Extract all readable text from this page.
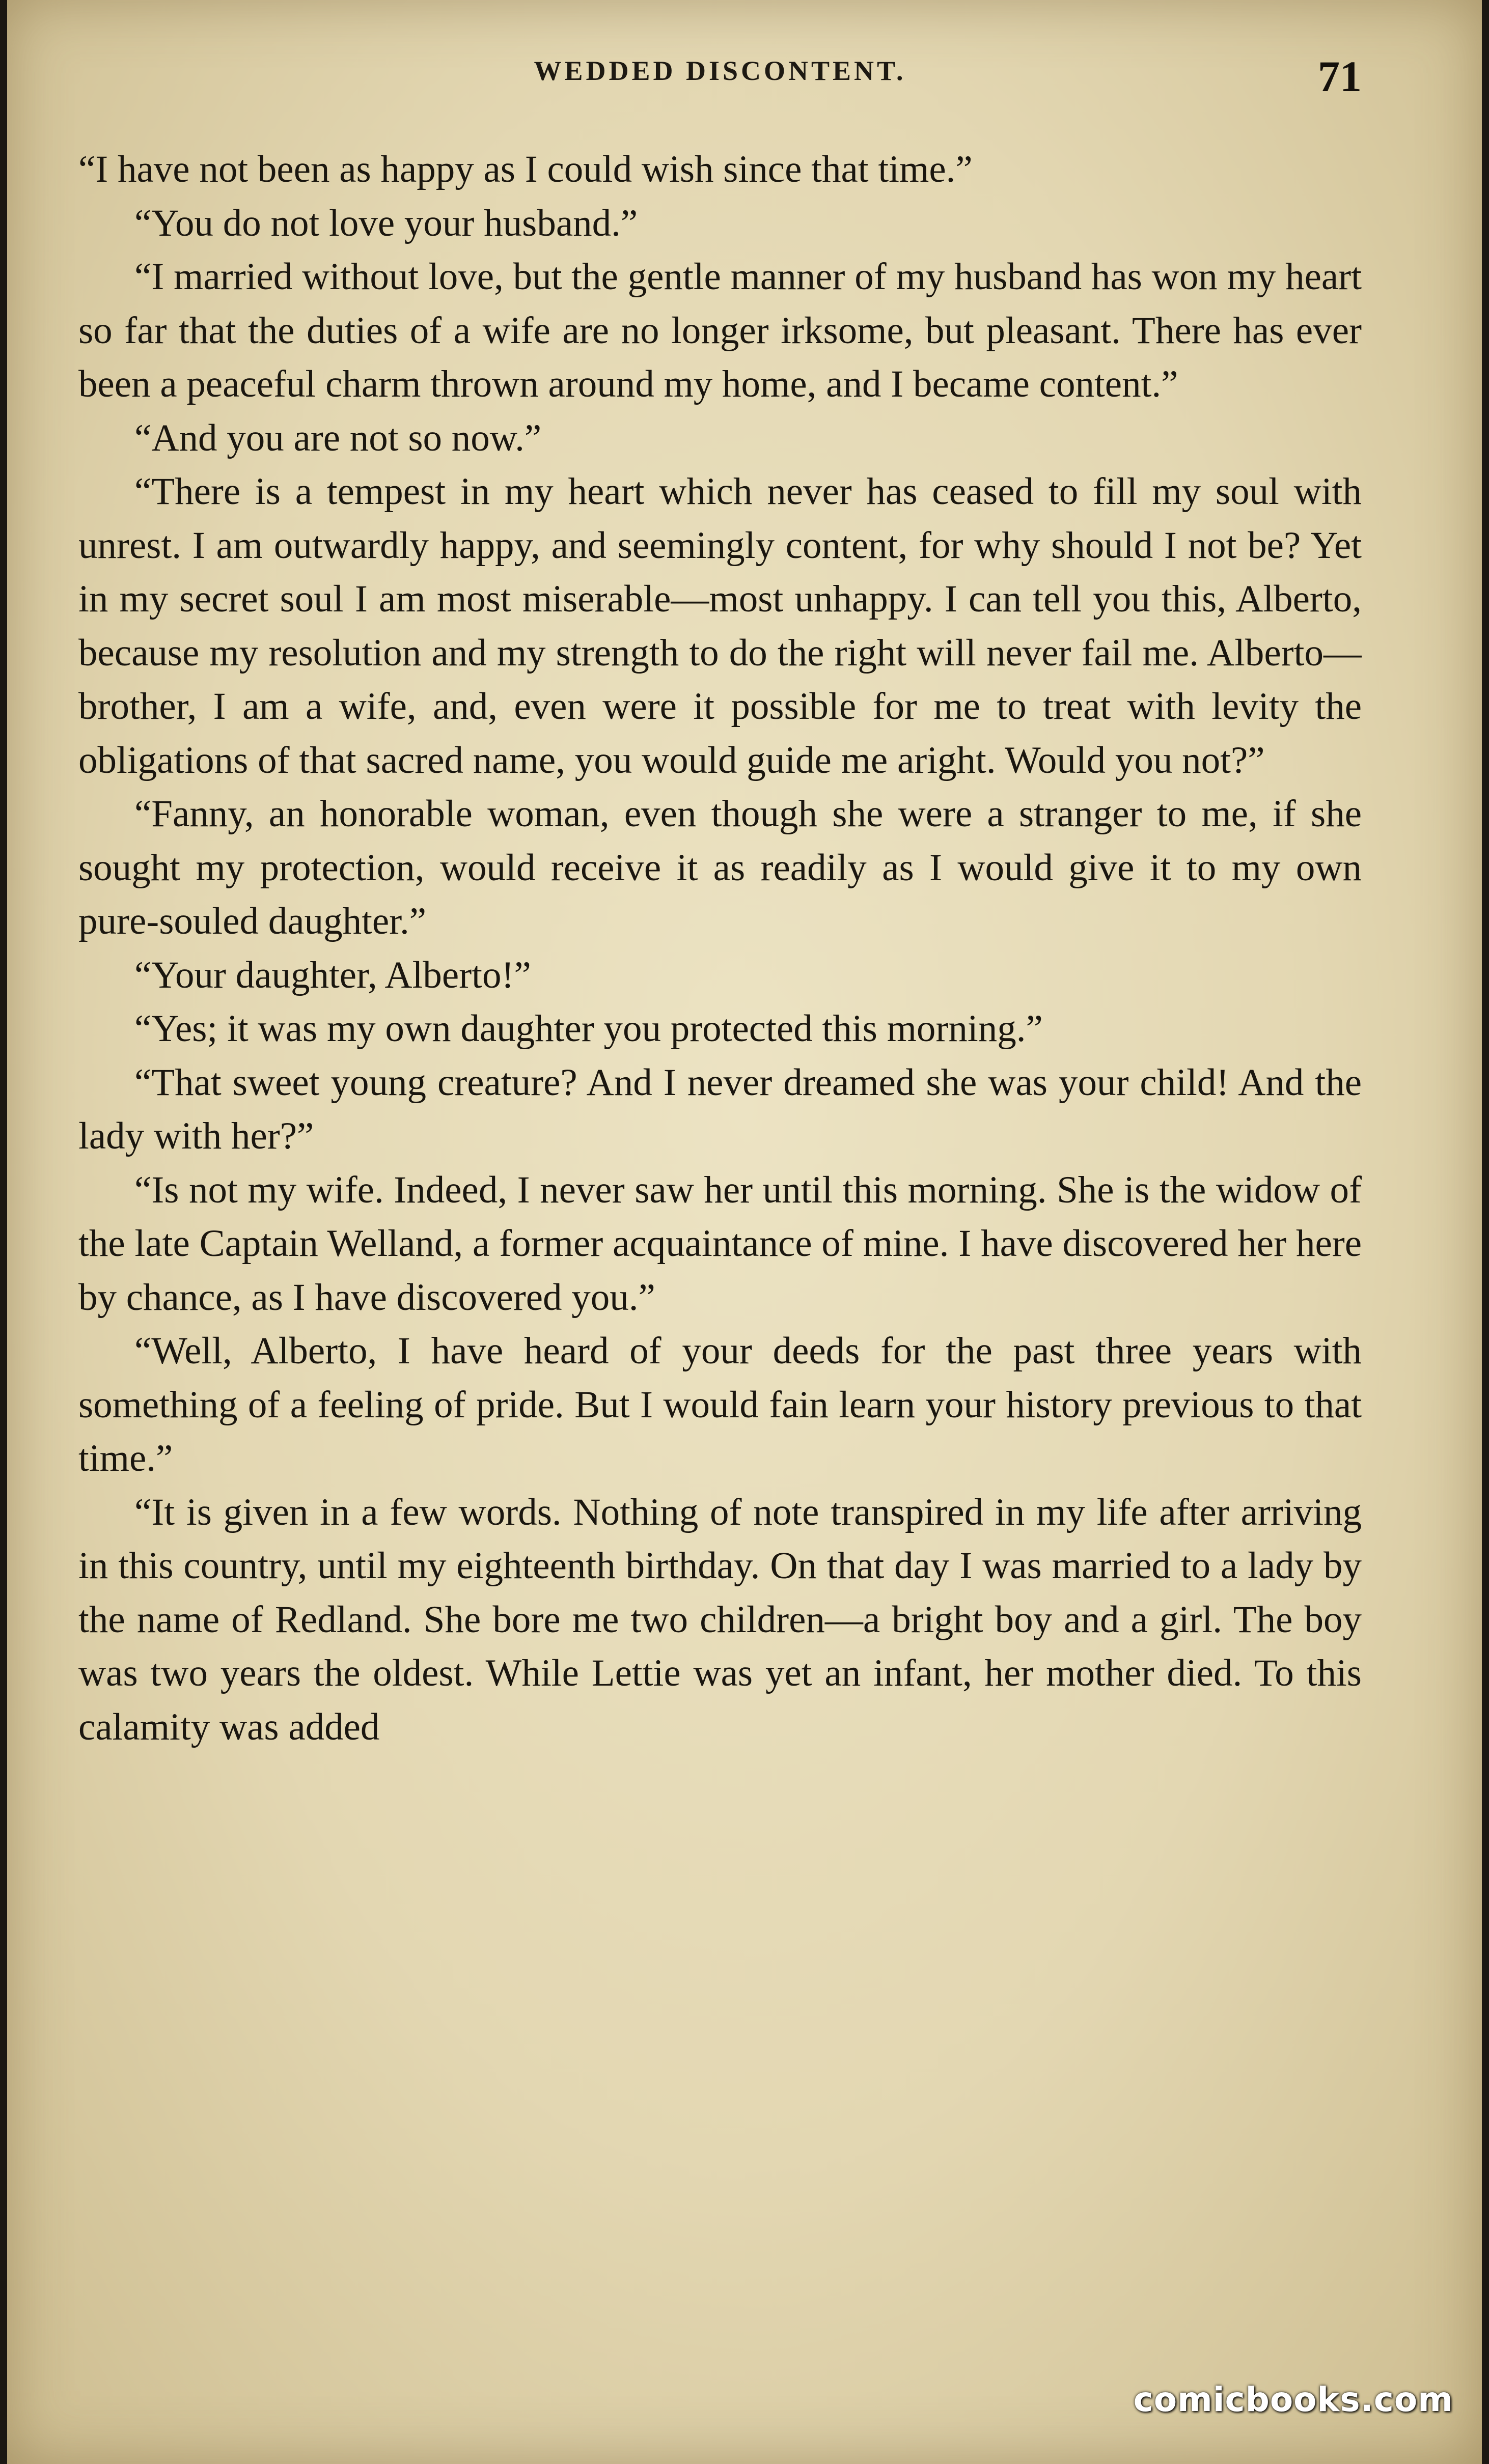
WEDDED DISCONTENT.	71

“I have not been as happy as I could wish since that time.”

“You do not love your husband.”

“I married without love, but the gentle manner of my husband has won my heart so far that the duties of a wife are no longer irksome, but pleasant. There has ever been a peaceful charm thrown around my home, and I became content.”

“And you are not so now.”

“There is a tempest in my heart which never has ceased to fill my soul with unrest. I am outwardly happy, and seemingly content, for why should I not be? Yet in my secret soul I am most miserable—most unhappy. I can tell you this, Alberto, because my resolution and my strength to do the right will never fail me. Alberto—brother, I am a wife, and, even were it possible for me to treat with levity the obligations of that sacred name, you would guide me aright. Would you not?”

“Fanny, an honorable woman, even though she were a stranger to me, if she sought my protection, would receive it as readily as I would give it to my own pure-souled daughter.”

“Your daughter, Alberto!”

“Yes; it was my own daughter you protected this morning.”

“That sweet young creature? And I never dreamed she was your child! And the lady with her?”

“Is not my wife. Indeed, I never saw her until this morning. She is the widow of the late Captain Welland, a former acquaintance of mine. I have discovered her here by chance, as I have discovered you.”

“Well, Alberto, I have heard of your deeds for the past three years with something of a feeling of pride. But I would fain learn your history previous to that time.”

“It is given in a few words. Nothing of note transpired in my life after arriving in this country, until my eighteenth birthday. On that day I was married to a lady by the name of Redland. She bore me two children—a bright boy and a girl. The boy was two years the oldest. While Lettie was yet an infant, her mother died. To this calamity was added

comicbooks.com
